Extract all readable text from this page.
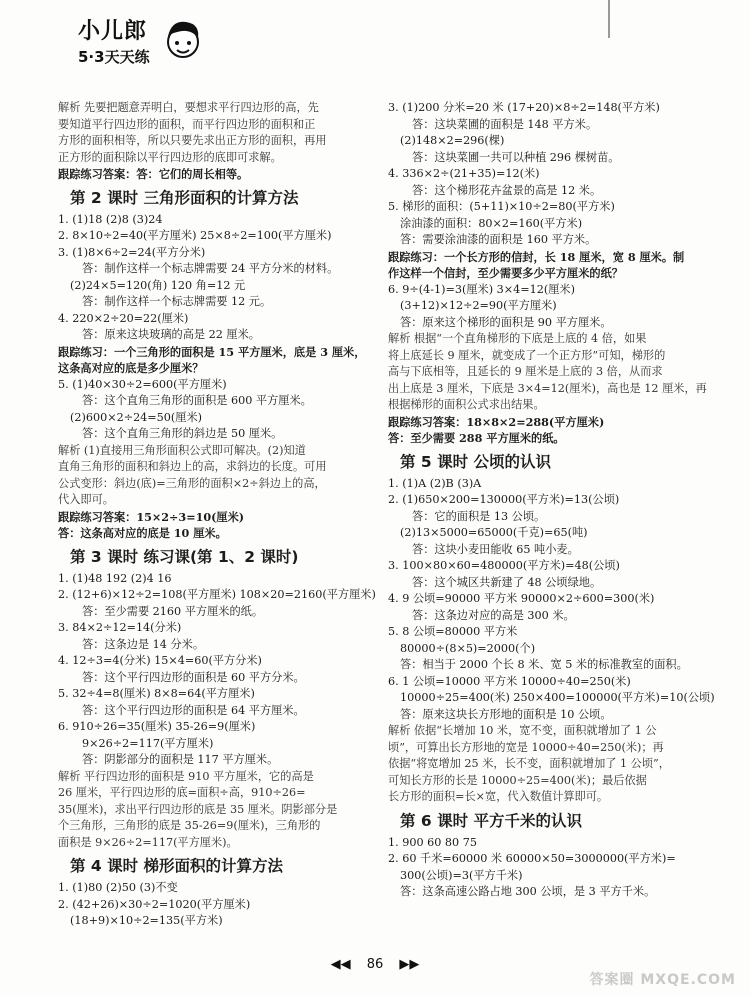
小儿郎
5·3天天练
解析 先要把题意弄明白，要想求平行四边形的高，先
要知道平行四边形的面积，而平行四边形的面积和正
方形的面积相等，所以只要先求出正方形的面积，再用
正方形的面积除以平行四边形的底即可求解。
跟踪练习答案：答：它们的周长相等。
第 2 课时 三角形面积的计算方法
1. (1)18 (2)8 (3)24
2. 8×10÷2=40(平方厘米) 25×8÷2=100(平方厘米)
3. (1)8×6÷2=24(平方分米)
答：制作这样一个标志牌需要 24 平方分米的材料。
(2)24×5=120(角) 120 角=12 元
答：制作这样一个标志牌需要 12 元。
4. 220×2÷20=22(厘米)
答：原来这块玻璃的高是 22 厘米。
跟踪练习：一个三角形的面积是 15 平方厘米，底是 3 厘米，
这条高对应的底是多少厘米？
5. (1)40×30÷2=600(平方厘米)
答：这个直角三角形的面积是 600 平方厘米。
(2)600×2÷24=50(厘米)
答：这个直角三角形的斜边是 50 厘米。
解析 (1)直接用三角形面积公式即可解决。(2)知道
直角三角形的面积和斜边上的高，求斜边的长度。可用
公式变形：斜边(底)=三角形的面积×2÷斜边上的高，
代入即可。
跟踪练习答案：15×2÷3=10(厘米)
答：这条高对应的底是 10 厘米。
第 3 课时 练习课(第 1、2 课时)
1. (1)48 192 (2)4 16
2. (12+6)×12÷2=108(平方厘米) 108×20=2160(平方厘米)
答：至少需要 2160 平方厘米的纸。
3. 84×2÷12=14(分米)
答：这条边是 14 分米。
4. 12÷3=4(分米) 15×4=60(平方分米)
答：这个平行四边形的面积是 60 平方分米。
5. 32÷4=8(厘米) 8×8=64(平方厘米)
答：这个平行四边形的面积是 64 平方厘米。
6. 910÷26=35(厘米) 35-26=9(厘米)
9×26÷2=117(平方厘米)
答：阴影部分的面积是 117 平方厘米。
解析 平行四边形的面积是 910 平方厘米，它的高是
26 厘米，平行四边形的底=面积÷高，910÷26=
35(厘米)，求出平行四边形的底是 35 厘米。阴影部分是
个三角形，三角形的底是 35-26=9(厘米)，三角形的
面积是 9×26÷2=117(平方厘米)。
第 4 课时 梯形面积的计算方法
1. (1)80 (2)50 (3)不变
2. (42+26)×30÷2=1020(平方厘米)
(18+9)×10÷2=135(平方米)
3. (1)200 分米=20 米 (17+20)×8÷2=148(平方米)
答：这块菜圃的面积是 148 平方米。
(2)148×2=296(棵)
答：这块菜圃一共可以种植 296 棵树苗。
4. 336×2÷(21+35)=12(米)
答：这个梯形花卉盆景的高是 12 米。
5. 梯形的面积：(5+11)×10÷2=80(平方米)
涂油漆的面积：80×2=160(平方米)
答：需要涂油漆的面积是 160 平方米。
跟踪练习：一个长方形的信封，长 18 厘米，宽 8 厘米。制
作这样一个信封，至少需要多少平方厘米的纸？
6. 9÷(4-1)=3(厘米) 3×4=12(厘米)
(3+12)×12÷2=90(平方厘米)
答：原来这个梯形的面积是 90 平方厘米。
解析 根据“一个直角梯形的下底是上底的 4 倍，如果
将上底延长 9 厘米，就变成了一个正方形”可知，梯形的
高与下底相等，且延长的 9 厘米是上底的 3 倍，从而求
出上底是 3 厘米，下底是 3×4=12(厘米)，高也是 12 厘米，再
根据梯形的面积公式求出结果。
跟踪练习答案：18×8×2=288(平方厘米)
答：至少需要 288 平方厘米的纸。
第 5 课时 公顷的认识
1. (1)A (2)B (3)A
2. (1)650×200=130000(平方米)=13(公顷)
答：它的面积是 13 公顷。
(2)13×5000=65000(千克)=65(吨)
答：这块小麦田能收 65 吨小麦。
3. 100×80×60=480000(平方米)=48(公顷)
答：这个城区共新建了 48 公顷绿地。
4. 9 公顷=90000 平方米 90000×2÷600=300(米)
答：这条边对应的高是 300 米。
5. 8 公顷=80000 平方米
80000÷(8×5)=2000(个)
答：相当于 2000 个长 8 米、宽 5 米的标准教室的面积。
6. 1 公顷=10000 平方米 10000÷40=250(米)
10000÷25=400(米) 250×400=100000(平方米)=10(公顷)
答：原来这块长方形地的面积是 10 公顷。
解析 依据“长增加 10 米，宽不变，面积就增加了 1 公
顷”，可算出长方形地的宽是 10000÷40=250(米)；再
依据“将宽增加 25 米，长不变，面积就增加了 1 公顷”，
可知长方形的长是 10000÷25=400(米)；最后依据
长方形的面积=长×宽，代入数值计算即可。
第 6 课时 平方千米的认识
1. 900 60 80 75
2. 60 千米=60000 米 60000×50=3000000(平方米)=
300(公顷)=3(平方千米)
答：这条高速公路占地 300 公顷，是 3 平方千米。
◀◀ 86 ▶▶
答案圈 MXQE.COM
